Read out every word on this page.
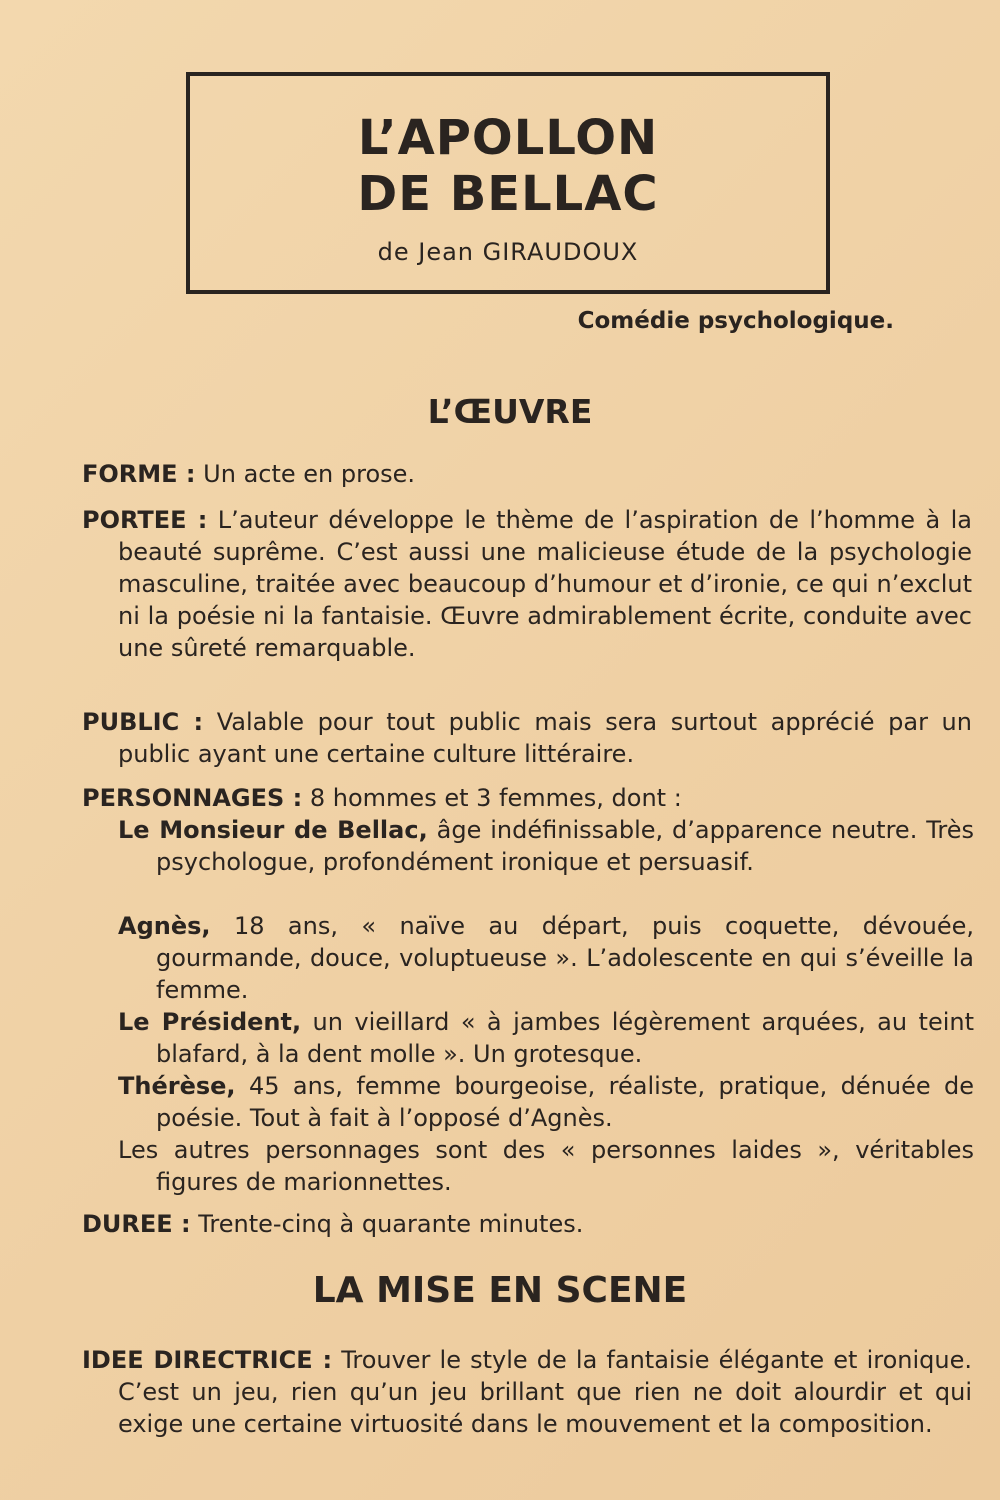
L’APOLLON
DE BELLAC
de Jean GIRAUDOUX
Comédie psychologique.
L’ŒUVRE
FORME : Un acte en prose.
PORTEE : L’auteur développe le thème de l’aspiration de l’homme à la beauté suprême. C’est aussi une malicieuse étude de la psychologie masculine, traitée avec beaucoup d’humour et d’ironie, ce qui n’exclut ni la poésie ni la fantaisie. Œuvre admirablement écrite, conduite avec une sûreté remarquable.
PUBLIC : Valable pour tout public mais sera surtout apprécié par un public ayant une certaine culture littéraire.
PERSONNAGES : 8 hommes et 3 femmes, dont :
Le Monsieur de Bellac, âge indéfinissable, d’apparence neutre. Très psychologue, profondément ironique et persuasif.
Agnès, 18 ans, « naïve au départ, puis coquette, dévouée, gourmande, douce, voluptueuse ». L’adolescente en qui s’éveille la femme.
Le Président, un vieillard « à jambes légèrement arquées, au teint blafard, à la dent molle ». Un grotesque.
Thérèse, 45 ans, femme bourgeoise, réaliste, pratique, dénuée de poésie. Tout à fait à l’opposé d’Agnès.
Les autres personnages sont des « personnes laides », véritables figures de marionnettes.
DUREE : Trente-cinq à quarante minutes.
LA MISE EN SCENE
IDEE DIRECTRICE : Trouver le style de la fantaisie élégante et ironique. C’est un jeu, rien qu’un jeu brillant que rien ne doit alourdir et qui exige une certaine virtuosité dans le mouvement et la composition.
